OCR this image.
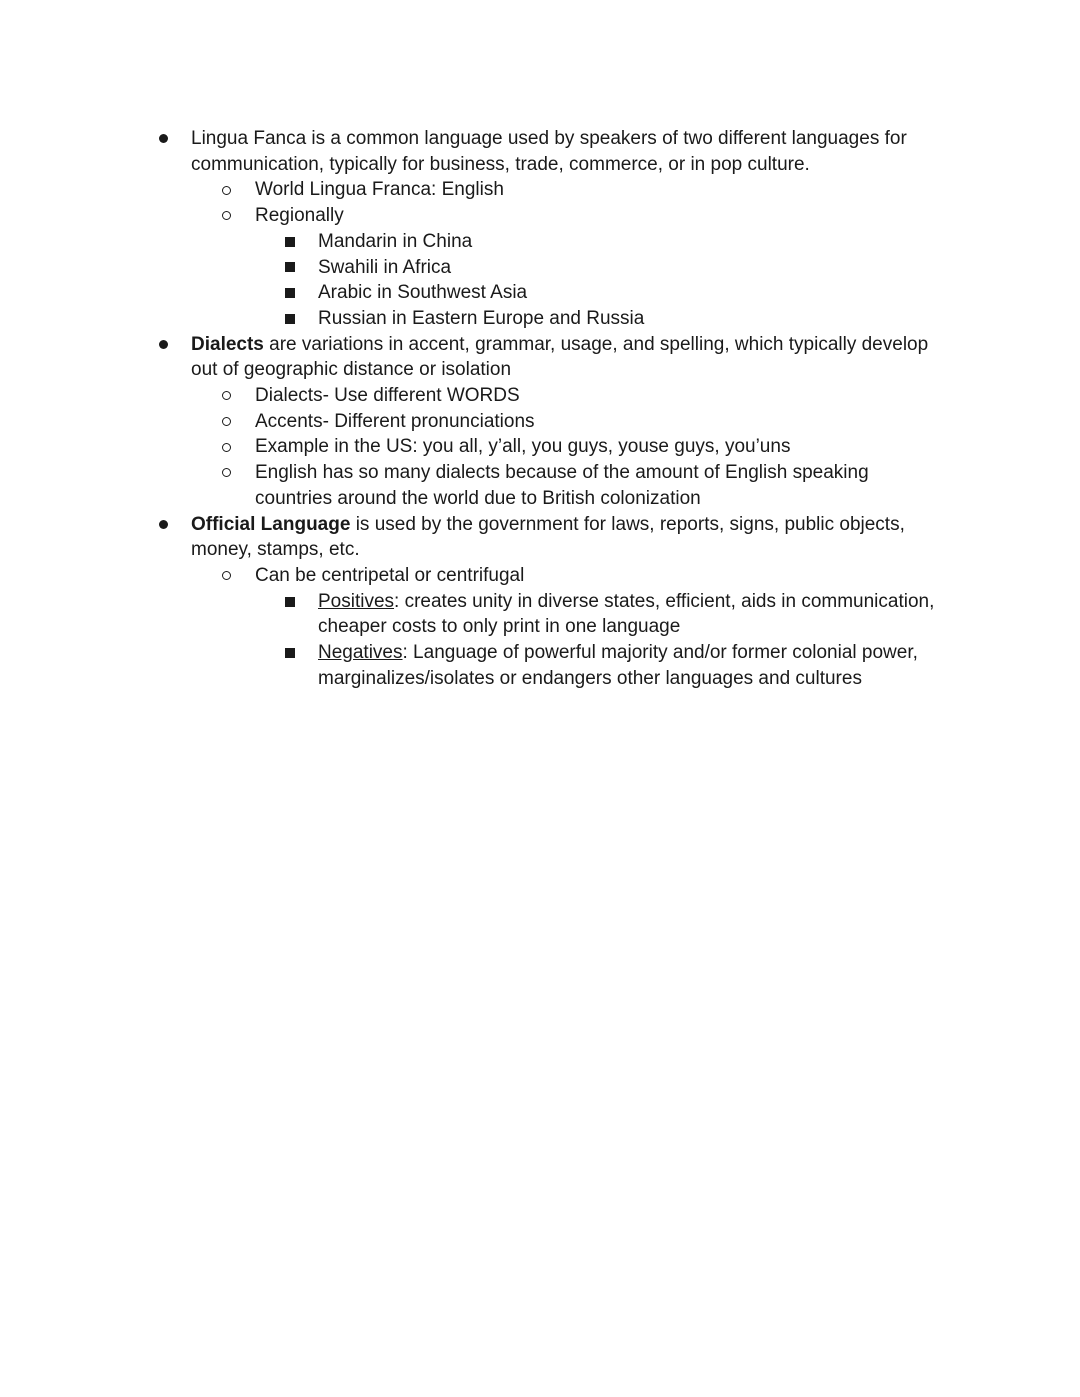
Lingua Fanca is a common language used by speakers of two different languages for
communication, typically for business, trade, commerce, or in pop culture.
World Lingua Franca: English
Regionally
Mandarin in China
Swahili in Africa
Arabic in Southwest Asia
Russian in Eastern Europe and Russia
Dialects are variations in accent, grammar, usage, and spelling, which typically develop
out of geographic distance or isolation
Dialects- Use different WORDS
Accents- Different pronunciations
Example in the US: you all, y’all, you guys, youse guys, you’uns
English has so many dialects because of the amount of English speaking
countries around the world due to British colonization
Official Language is used by the government for laws, reports, signs, public objects,
money, stamps, etc.
Can be centripetal or centrifugal
Positives: creates unity in diverse states, efficient, aids in communication,
cheaper costs to only print in one language
Negatives: Language of powerful majority and/or former colonial power,
marginalizes/isolates or endangers other languages and cultures
